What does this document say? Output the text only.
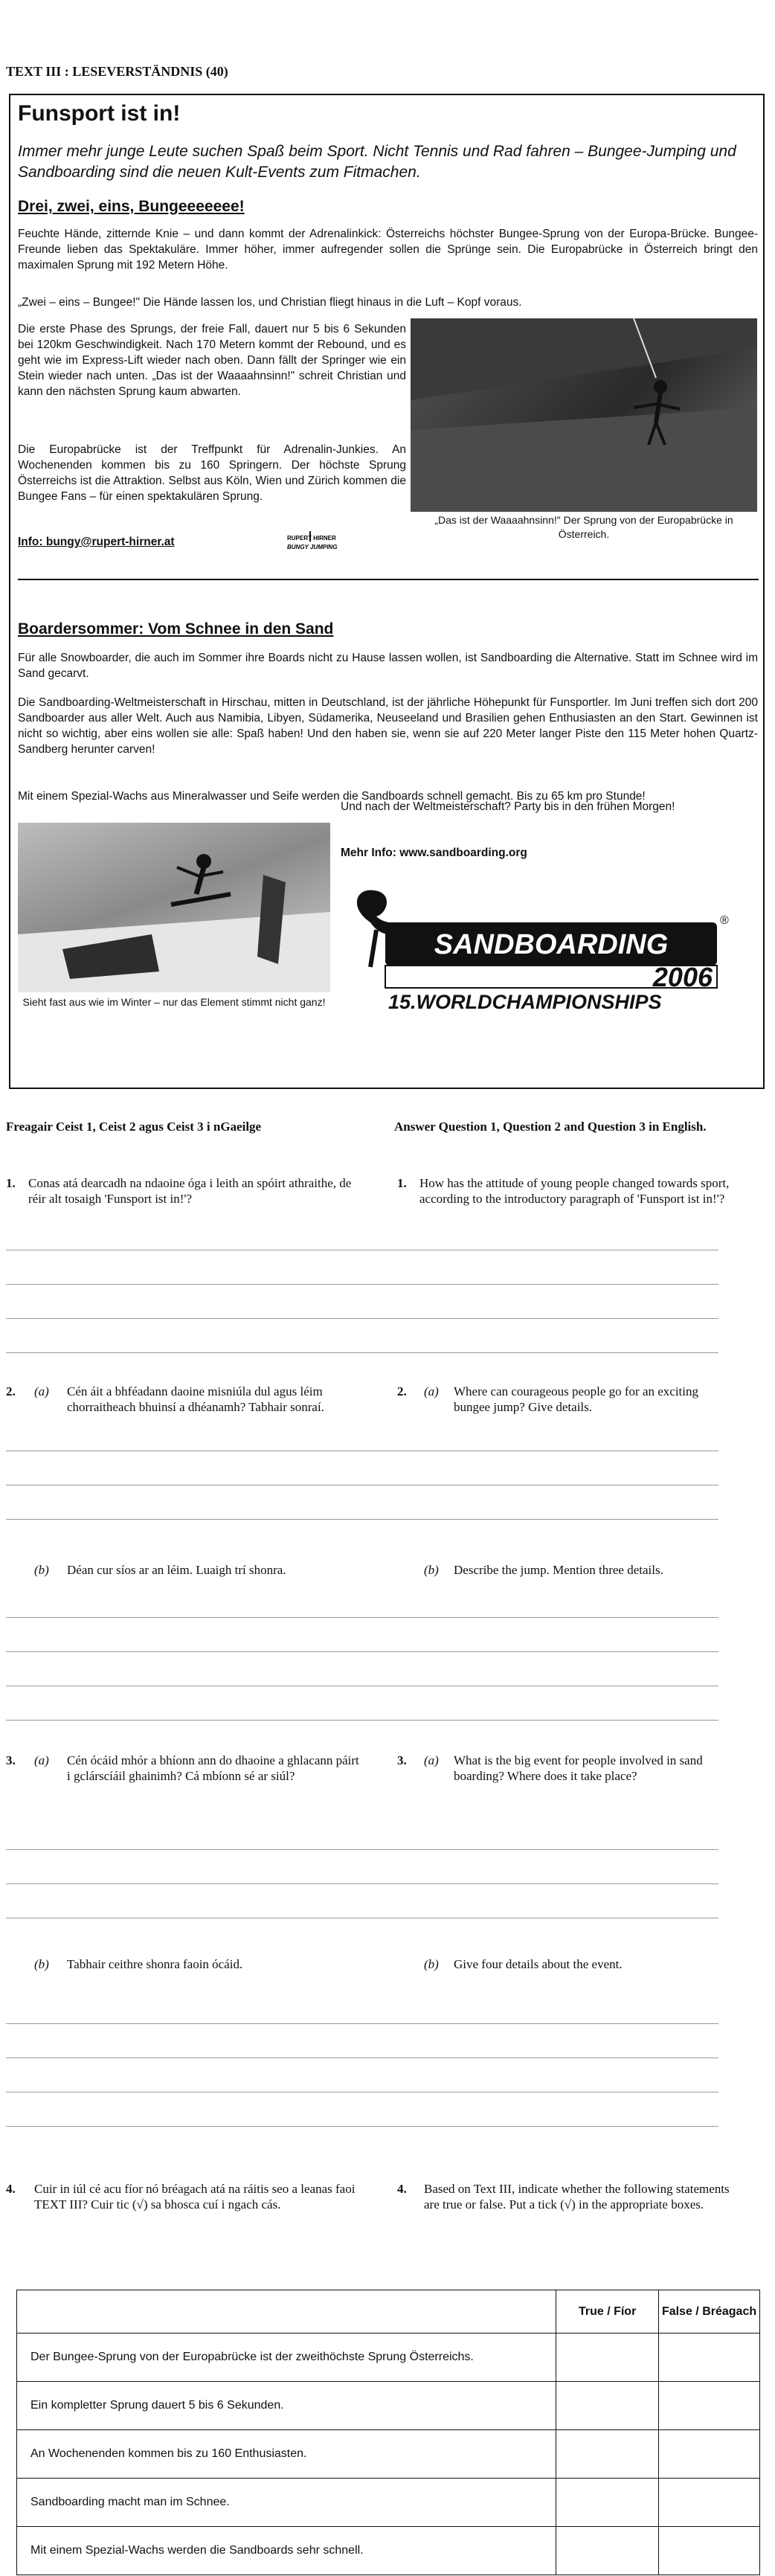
TEXT III : LESEVERSTÄNDNIS (40)
Funsport ist in!
Immer mehr junge Leute suchen Spaß beim Sport. Nicht Tennis und Rad fahren – Bungee-Jumping und Sandboarding sind die neuen Kult-Events zum Fitmachen.
Drei, zwei, eins, Bungeeeeeee!
Feuchte Hände, zitternde Knie – und dann kommt der Adrenalinkick: Österreichs höchster Bungee-Sprung von der Europa-Brücke. Bungee-Freunde lieben das Spektakuläre. Immer höher, immer aufregender sollen die Sprünge sein. Die Europabrücke in Österreich bringt den maximalen Sprung mit 192 Metern Höhe.
„Zwei – eins – Bungee!" Die Hände lassen los, und Christian fliegt hinaus in die Luft – Kopf voraus.
Die erste Phase des Sprungs, der freie Fall, dauert nur 5 bis 6 Sekunden bei 120km Geschwindigkeit. Nach 170 Metern kommt der Rebound, und es geht wie im Express-Lift wieder nach oben. Dann fällt der Springer wie ein Stein wieder nach unten. „Das ist der Waaaahnsinn!" schreit Christian und kann den nächsten Sprung kaum abwarten.
Die Europabrücke ist der Treffpunkt für Adrenalin-Junkies. An Wochenenden kommen bis zu 160 Springern. Der höchste Sprung Österreichs ist die Attraktion. Selbst aus Köln, Wien und Zürich kommen die Bungee Fans – für einen spektakulären Sprung.
Info: bungy@rupert-hirner.at	RUPERT HIRNER
BUNGY JUMPING
„Das ist der Waaaahnsinn!" Der Sprung von der Europabrücke in Österreich.
Boardersommer: Vom Schnee in den Sand
Für alle Snowboarder, die auch im Sommer ihre Boards nicht zu Hause lassen wollen, ist Sandboarding die Alternative. Statt im Schnee wird im Sand gecarvt.
Die Sandboarding-Weltmeisterschaft in Hirschau, mitten in Deutschland, ist der jährliche Höhepunkt für Funsportler. Im Juni treffen sich dort 200 Sandboarder aus aller Welt. Auch aus Namibia, Libyen, Südamerika, Neuseeland und Brasilien gehen Enthusiasten an den Start. Gewinnen ist nicht so wichtig, aber eins wollen sie alle: Spaß haben! Und den haben sie, wenn sie auf 220 Meter langer Piste den 115 Meter hohen Quartz-Sandberg herunter carven!
Mit einem Spezial-Wachs aus Mineralwasser und Seife werden die Sandboards schnell gemacht. Bis zu 65 km pro Stunde!
Und nach der Weltmeisterschaft? Party bis in den frühen Morgen!
Mehr Info: www.sandboarding.org
Sieht fast aus wie im Winter – nur das Element stimmt nicht ganz!
SANDBOARDING
®
2006
15.WORLDCHAMPIONSHIPS
Freagair Ceist 1, Ceist 2 agus Ceist 3 i nGaeilge	Answer Question 1, Question 2 and Question 3 in English.
1. Conas atá dearcadh na ndaoine óga i leith an spóirt athraithe, de réir alt tosaigh 'Funsport ist in!'?
1. How has the attitude of young people changed towards sport, according to the introductory paragraph of 'Funsport ist in!'?
2. (a) Cén áit a bhféadann daoine misniúla dul agus léim chorraitheach bhuinsí a dhéanamh? Tabhair sonraí.
2. (a) Where can courageous people go for an exciting bungee jump? Give details.
(b) Déan cur síos ar an léim. Luaigh trí shonra.	(b) Describe the jump. Mention three details.
3. (a) Cén ócáid mhór a bhíonn ann do dhaoine a ghlacann páirt i gclárscíáil ghainimh? Cá mbíonn sé ar siúl?
3. (a) What is the big event for people involved in sand boarding? Where does it take place?
(b) Tabhair ceithre shonra faoin ócáid.	(b) Give four details about the event.
4. Cuir in iúl cé acu fíor nó bréagach atá na ráitis seo a leanas faoi TEXT III? Cuir tic (√) sa bhosca cuí i ngach cás.
4. Based on Text III, indicate whether the following statements are true or false. Put a tick (√) in the appropriate boxes.
	True / Fíor	False / Bréagach
Der Bungee-Sprung von der Europabrücke ist der zweithöchste Sprung Österreichs.		
Ein kompletter Sprung dauert 5 bis 6 Sekunden.		
An Wochenenden kommen bis zu 160 Enthusiasten.		
Sandboarding macht man im Schnee.		
Mit einem Spezial-Wachs werden die Sandboards sehr schnell.		
